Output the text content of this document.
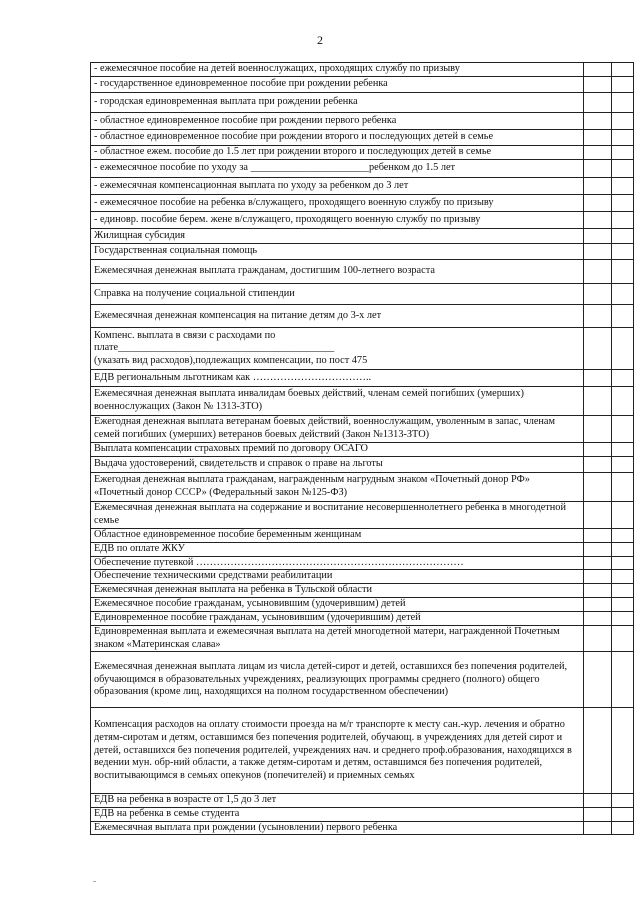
2
- ежемесячное пособие на детей военнослужащих, проходящих службу по призыву		
- государственное единовременное пособие при рождении ребенка		
- городская единовременная выплата при рождении ребенка		
- областное единовременное пособие при рождении первого ребенка		
- областное единовременное пособие при рождении второго и последующих детей в семье		
- областное ежем. пособие до 1.5 лет при рождении второго и последующих детей в семье		
- ежемесячное пособие по уходу за _______________________ребенком до 1.5 лет		
- ежемесячная компенсационная выплата по уходу за ребенком до 3 лет		
- ежемесячное пособие на ребенка в/служащего, проходящего военную службу по призыву		
- единовр. пособие берем. жене в/служащего, проходящего военную службу по призыву		
Жилищная субсидия		
Государственная социальная помощь		
Ежемесячная денежная выплата гражданам, достигшим 100-летнего возраста		
Справка на получение социальной стипендии		
Ежемесячная денежная компенсация на питание детям до 3-х лет		
Компенс. выплата в связи с расходами по
плате__________________________________________
(указать вид расходов),подлежащих компенсации, по пост 475		
ЕДВ региональным льготникам как ……………………………..		
Ежемесячная денежная выплата инвалидам боевых действий, членам семей погибших (умерших) военнослужащих (Закон № 1313-ЗТО)		
Ежегодная денежная выплата ветеранам боевых действий, военнослужащим, уволенным в запас, членам семей погибших (умерших) ветеранов боевых действий (Закон №1313-ЗТО)		
Выплата компенсации страховых премий по договору ОСАГО		
Выдача удостоверений, свидетельств и справок о праве на льготы		
Ежегодная денежная выплата гражданам, награжденным нагрудным знаком «Почетный донор РФ» «Почетный донор СССР» (Федеральный закон №125-ФЗ)		
Ежемесячная денежная выплата на содержание и воспитание несовершеннолетнего ребенка в многодетной семье		
Областное единовременное пособие беременным женщинам		
ЕДВ по оплате ЖКУ		
Обеспечение путевкой ……………………………………………………………………		
Обеспечение техническими средствами реабилитации		
Ежемесячная денежная выплата на ребенка в Тульской области		
Ежемесячное пособие гражданам, усыновившим (удочерившим) детей		
Единовременное пособие гражданам, усыновившим (удочерившим) детей		
Единовременная выплата и ежемесячная выплата на детей многодетной матери, награжденной Почетным знаком «Материнская слава»		
Ежемесячная денежная выплата лицам из числа детей-сирот и детей, оставшихся без попечения родителей, обучающимся в образовательных учреждениях, реализующих программы среднего (полного) общего образования (кроме лиц, находящихся на полном государственном обеспечении)		
Компенсация расходов на оплату стоимости проезда на м/г транспорте к месту сан.-кур. лечения и обратно детям-сиротам и детям, оставшимся без попечения родителей, обучающ. в учреждениях для детей сирот и детей, оставшихся без попечения родителей, учреждениях нач. и среднего проф.образования, находящихся в ведении мун. обр-ний области, а также детям-сиротам и детям, оставшимся без попечения родителей, воспитывающимся в семьях опекунов (попечителей) и приемных семьях		
ЕДВ на ребенка в возрасте от 1,5 до 3 лет		
ЕДВ на ребенка в семье студента		
Ежемесячная выплата при рождении (усыновлении) первого ребенка		
